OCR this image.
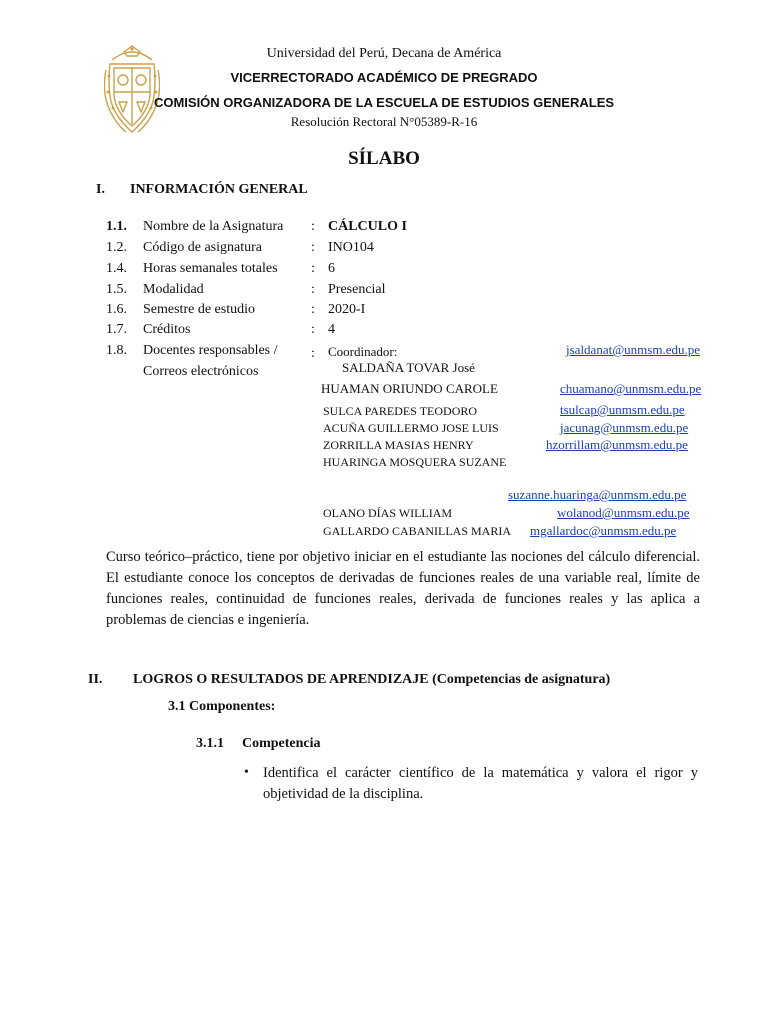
Universidad del Perú, Decana de América
VICERRECTORADO ACADÉMICO DE PREGRADO
COMISIÓN ORGANIZADORA DE LA ESCUELA DE ESTUDIOS GENERALES
Resolución Rectoral N°05389-R-16
SÍLABO
I. INFORMACIÓN GENERAL
1.1. Nombre de la Asignatura : CÁLCULO I
1.2. Código de asignatura	: INO104
1.4. Horas semanales totales : 6
1.5. Modalidad	: Presencial
1.6. Semestre de estudio	: 2020-I
1.7. Créditos	: 4
1.8. Docentes responsables /
Correos electrónicos
: Coordinador:	jsaldanat@unmsm.edu.pe
SALDAÑA TOVAR José
HUAMAN ORIUNDO CAROLE	chuamano@unmsm.edu.pe
SULCA PAREDES TEODORO	tsulcap@unmsm.edu.pe
ACUÑA GUILLERMO JOSE LUIS	jacunag@unmsm.edu.pe
ZORRILLA MASIAS HENRY	hzorrillam@unmsm.edu.pe
HUARINGA MOSQUERA SUZANE
suzanne.huaringa@unmsm.edu.pe
OLANO DÍAS WILLIAM	wolanod@unmsm.edu.pe
GALLARDO CABANILLAS MARIA mgallardoc@unmsm.edu.pe
Curso teórico–práctico, tiene por objetivo iniciar en el estudiante las nociones del cálculo diferencial. El estudiante conoce los conceptos de derivadas de funciones reales de una variable real, límite de funciones reales, continuidad de funciones reales, derivada de funciones reales y las aplica a problemas de ciencias e ingeniería.
II. LOGROS O RESULTADOS DE APRENDIZAJE (Competencias de asignatura)
3.1 Componentes:
3.1.1 Competencia
• Identifica el carácter científico de la matemática y valora el rigor y objetividad de la disciplina.
